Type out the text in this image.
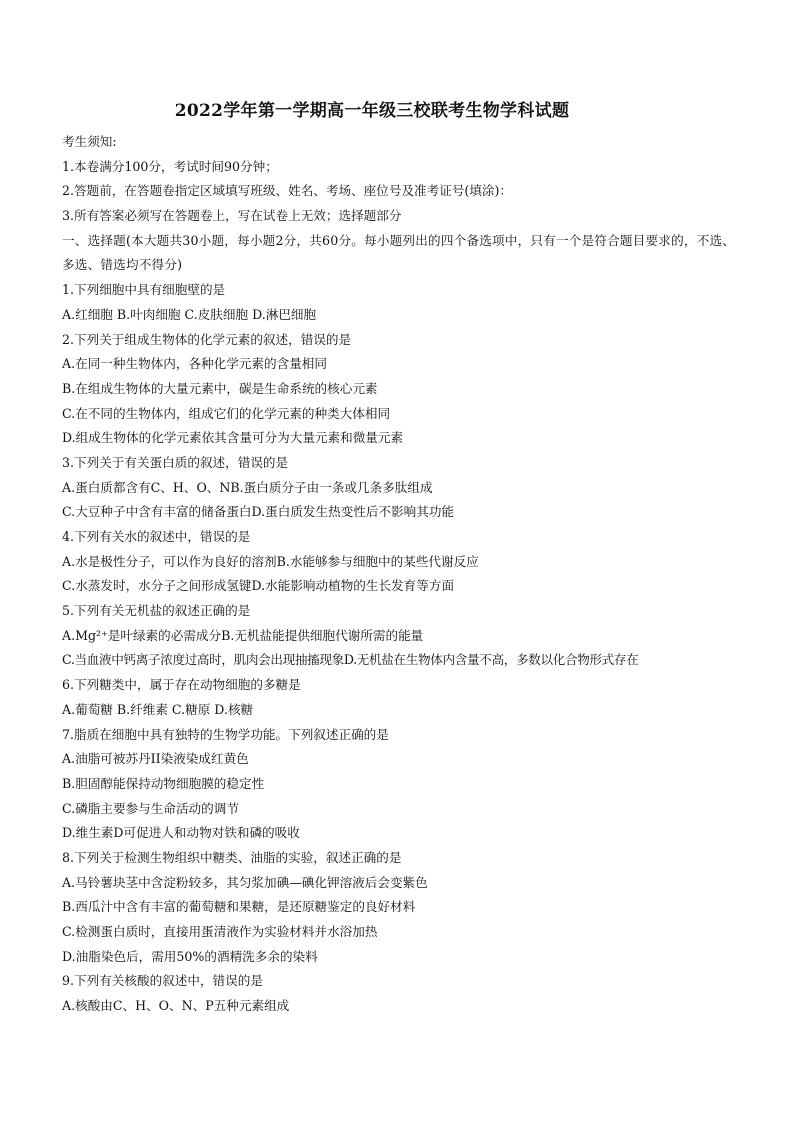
2022学年第一学期高一年级三校联考生物学科试题
考生须知:
1.本卷满分100分，考试时间90分钟；
2.答题前，在答题卷指定区域填写班级、姓名、考场、座位号及准考证号(填涂)：
3.所有答案必须写在答题卷上，写在试卷上无效；选择题部分
一、选择题(本大题共30小题，每小题2分，共60分。每小题列出的四个备选项中，只有一个是符合题目要求的，不选、多选、错选均不得分)
1.下列细胞中具有细胞壁的是
A.红细胞 B.叶肉细胞 C.皮肤细胞 D.淋巴细胞
2.下列关于组成生物体的化学元素的叙述，错误的是
A.在同一种生物体内，各种化学元素的含量相同
B.在组成生物体的大量元素中，碳是生命系统的核心元素
C.在不同的生物体内，组成它们的化学元素的种类大体相同
D.组成生物体的化学元素依其含量可分为大量元素和微量元素
3.下列关于有关蛋白质的叙述，错误的是
A.蛋白质都含有C、H、O、NB.蛋白质分子由一条或几条多肽组成
C.大豆种子中含有丰富的储备蛋白D.蛋白质发生热变性后不影响其功能
4.下列有关水的叙述中，错误的是
A.水是极性分子，可以作为良好的溶剂B.水能够参与细胞中的某些代谢反应
C.水蒸发时，水分子之间形成氢键D.水能影响动植物的生长发育等方面
5.下列有关无机盐的叙述正确的是
A.Mg²⁺是叶绿素的必需成分B.无机盐能提供细胞代谢所需的能量
C.当血液中钙离子浓度过高时，肌肉会出现抽搐现象D.无机盐在生物体内含量不高，多数以化合物形式存在
6.下列糖类中，属于存在动物细胞的多糖是
A.葡萄糖 B.纤维素 C.糖原 D.核糖
7.脂质在细胞中具有独特的生物学功能。下列叙述正确的是
A.油脂可被苏丹II染液染成红黄色
B.胆固醇能保持动物细胞膜的稳定性
C.磷脂主要参与生命活动的调节
D.维生素D可促进人和动物对铁和磷的吸收
8.下列关于检测生物组织中糖类、油脂的实验，叙述正确的是
A.马铃薯块茎中含淀粉较多，其匀浆加碘—碘化钾溶液后会变紫色
B.西瓜汁中含有丰富的葡萄糖和果糖，是还原糖鉴定的良好材料
C.检测蛋白质时，直接用蛋清液作为实验材料并水浴加热
D.油脂染色后，需用50%的酒精洗多余的染料
9.下列有关核酸的叙述中，错误的是
A.核酸由C、H、O、N、P五种元素组成
